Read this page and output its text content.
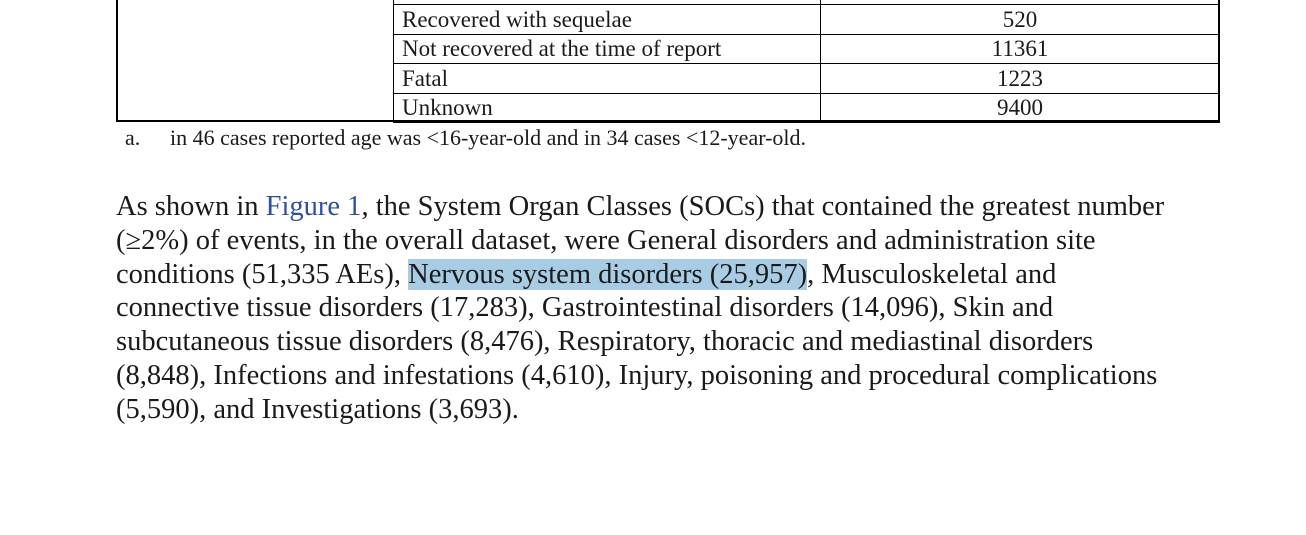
Recovered with sequelae	520
Not recovered at the time of report	11361
Fatal	1223
Unknown	9400
a. in 46 cases reported age was <16-year-old and in 34 cases <12-year-old.

As shown in Figure 1, the System Organ Classes (SOCs) that contained the greatest number
(≥2%) of events, in the overall dataset, were General disorders and administration site
conditions (51,335 AEs), Nervous system disorders (25,957), Musculoskeletal and
connective tissue disorders (17,283), Gastrointestinal disorders (14,096), Skin and
subcutaneous tissue disorders (8,476), Respiratory, thoracic and mediastinal disorders
(8,848), Infections and infestations (4,610), Injury, poisoning and procedural complications
(5,590), and Investigations (3,693).
